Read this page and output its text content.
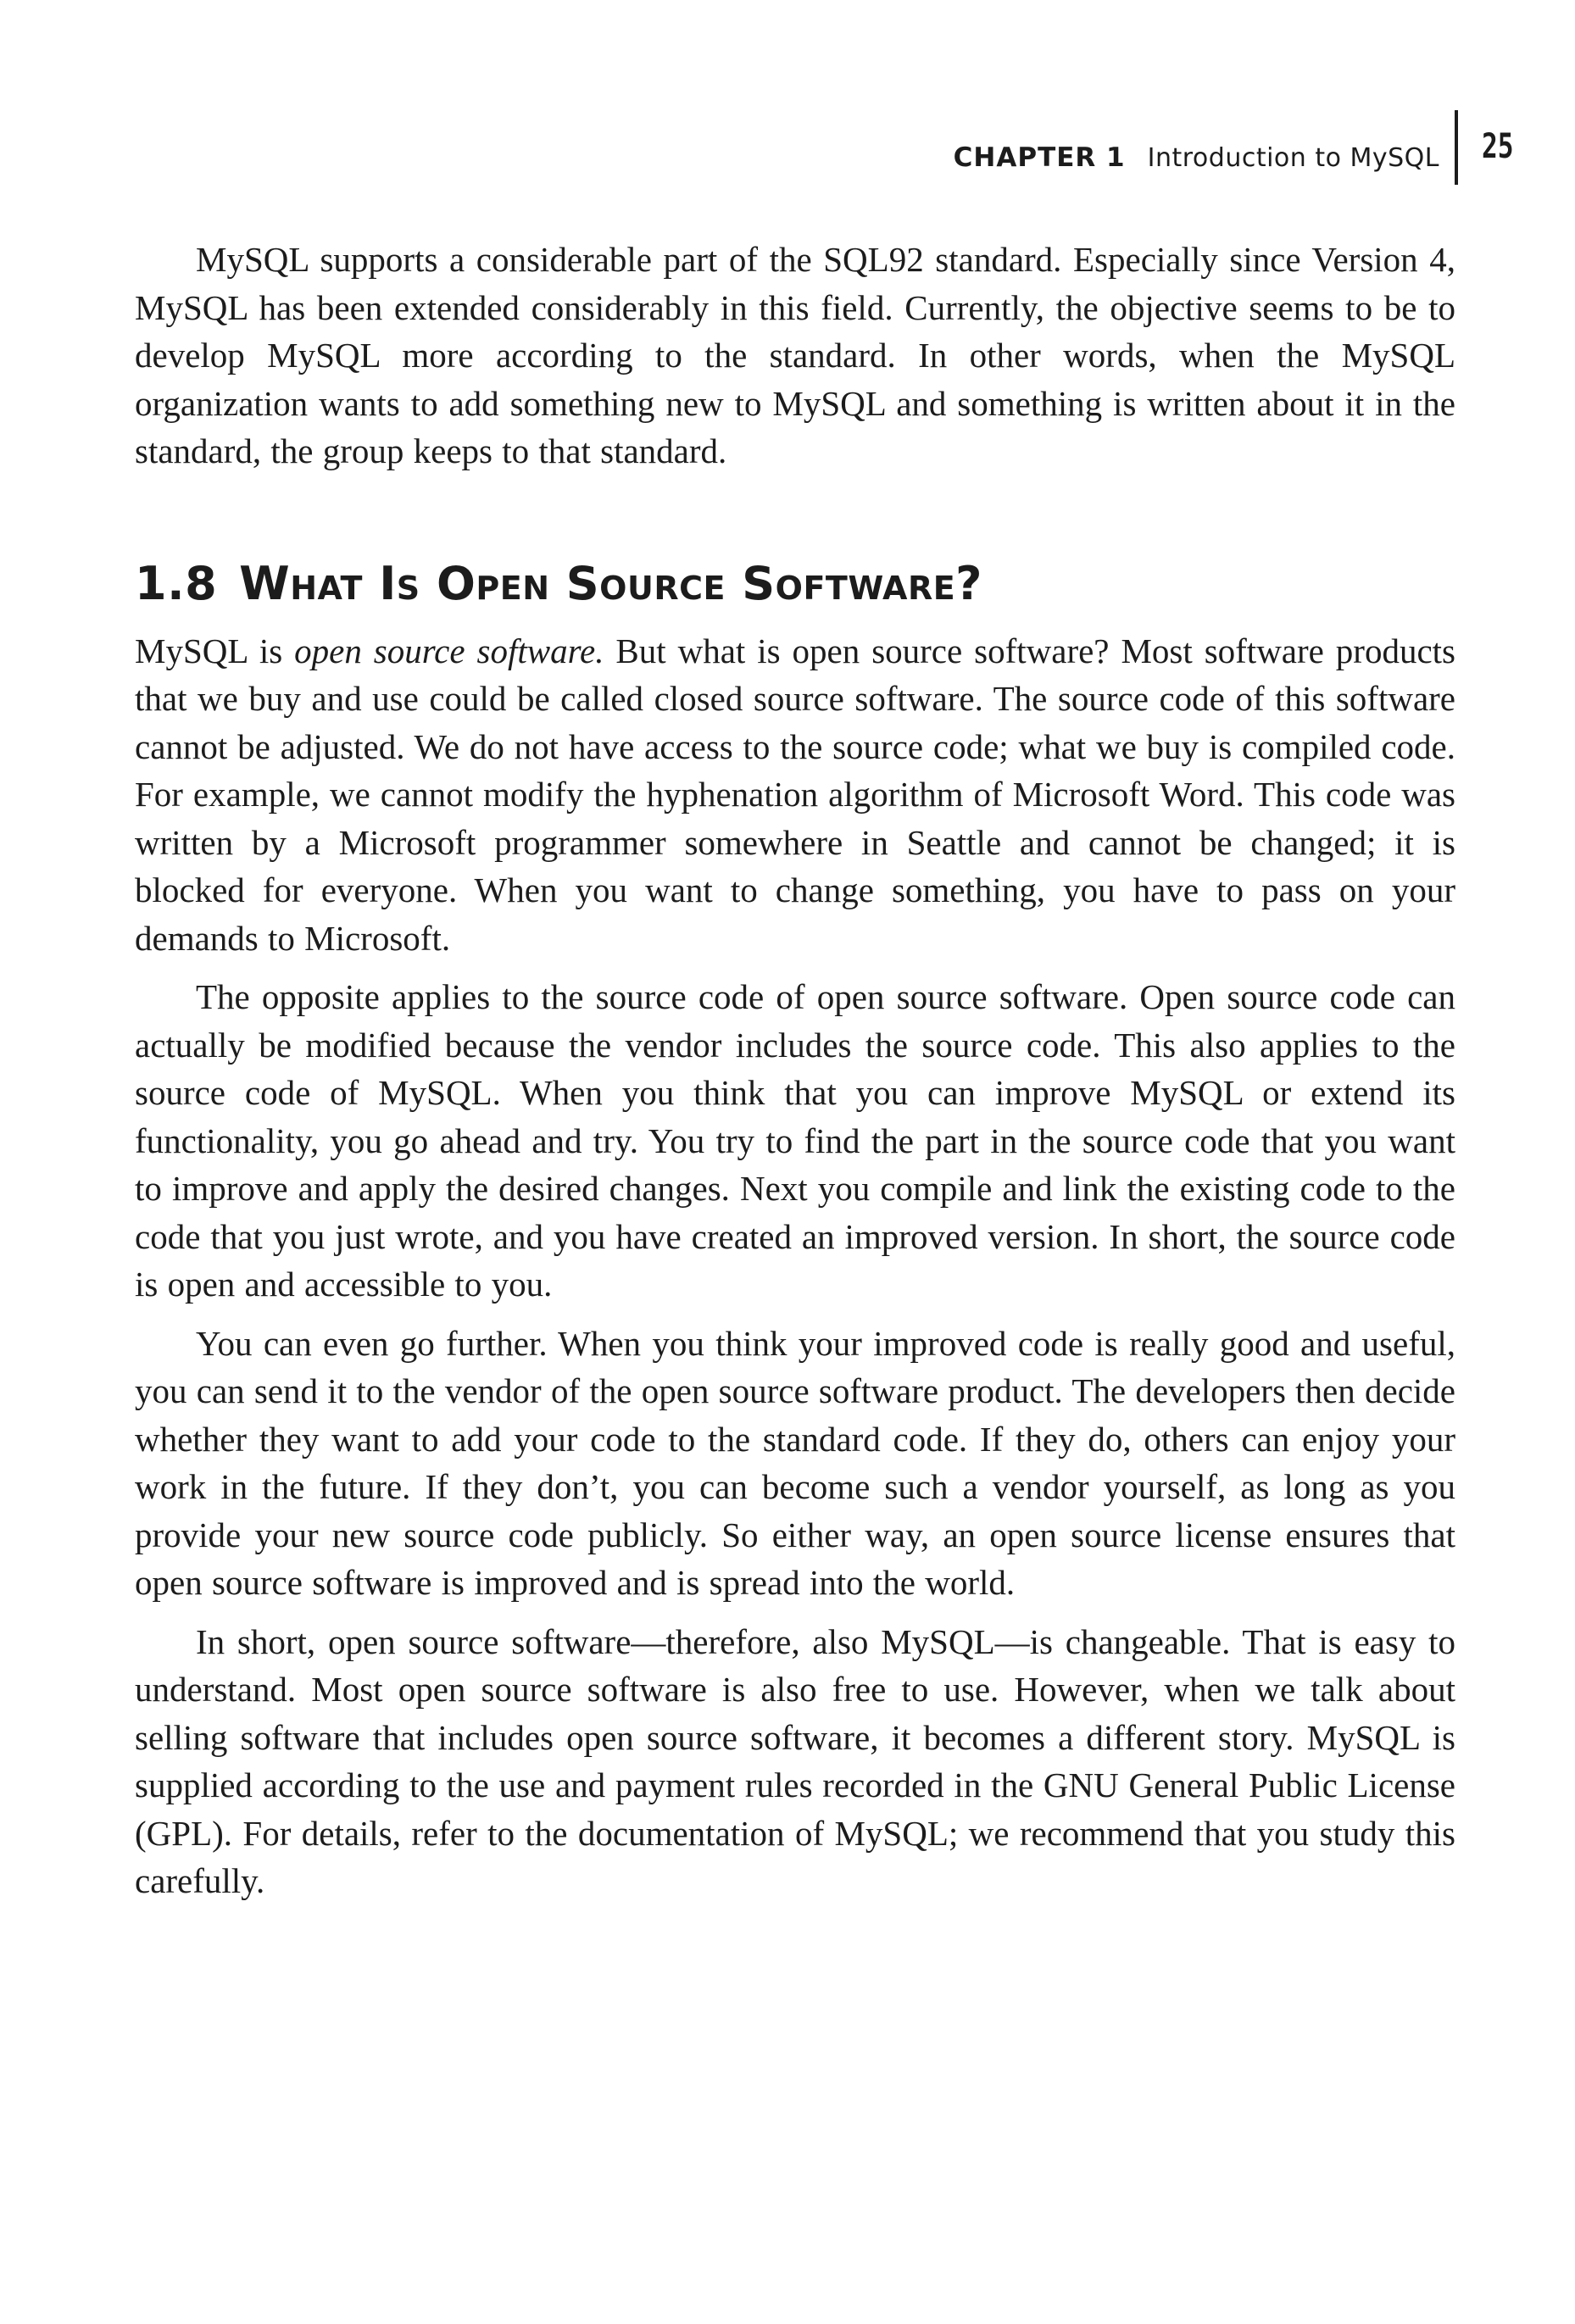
CHAPTER 1 Introduction to MySQL 25

MySQL supports a considerable part of the SQL92 standard. Especially since Version 4, MySQL has been extended considerably in this field. Currently, the objective seems to be to develop MySQL more according to the standard. In other words, when the MySQL organization wants to add something new to MySQL and something is written about it in the standard, the group keeps to that standard.

1.8 What Is Open Source Software?

MySQL is open source software. But what is open source software? Most software products that we buy and use could be called closed source software. The source code of this software cannot be adjusted. We do not have access to the source code; what we buy is compiled code. For example, we cannot modify the hyphenation algorithm of Microsoft Word. This code was written by a Microsoft programmer somewhere in Seattle and cannot be changed; it is blocked for everyone. When you want to change something, you have to pass on your demands to Microsoft.

The opposite applies to the source code of open source software. Open source code can actually be modified because the vendor includes the source code. This also applies to the source code of MySQL. When you think that you can improve MySQL or extend its functionality, you go ahead and try. You try to find the part in the source code that you want to improve and apply the desired changes. Next you compile and link the existing code to the code that you just wrote, and you have created an improved version. In short, the source code is open and accessible to you.

You can even go further. When you think your improved code is really good and useful, you can send it to the vendor of the open source software product. The developers then decide whether they want to add your code to the standard code. If they do, others can enjoy your work in the future. If they don’t, you can become such a vendor yourself, as long as you provide your new source code publicly. So either way, an open source license ensures that open source software is improved and is spread into the world.

In short, open source software—therefore, also MySQL—is changeable. That is easy to understand. Most open source software is also free to use. However, when we talk about selling software that includes open source software, it becomes a different story. MySQL is supplied according to the use and payment rules recorded in the GNU General Public License (GPL). For details, refer to the documentation of MySQL; we recommend that you study this carefully.
